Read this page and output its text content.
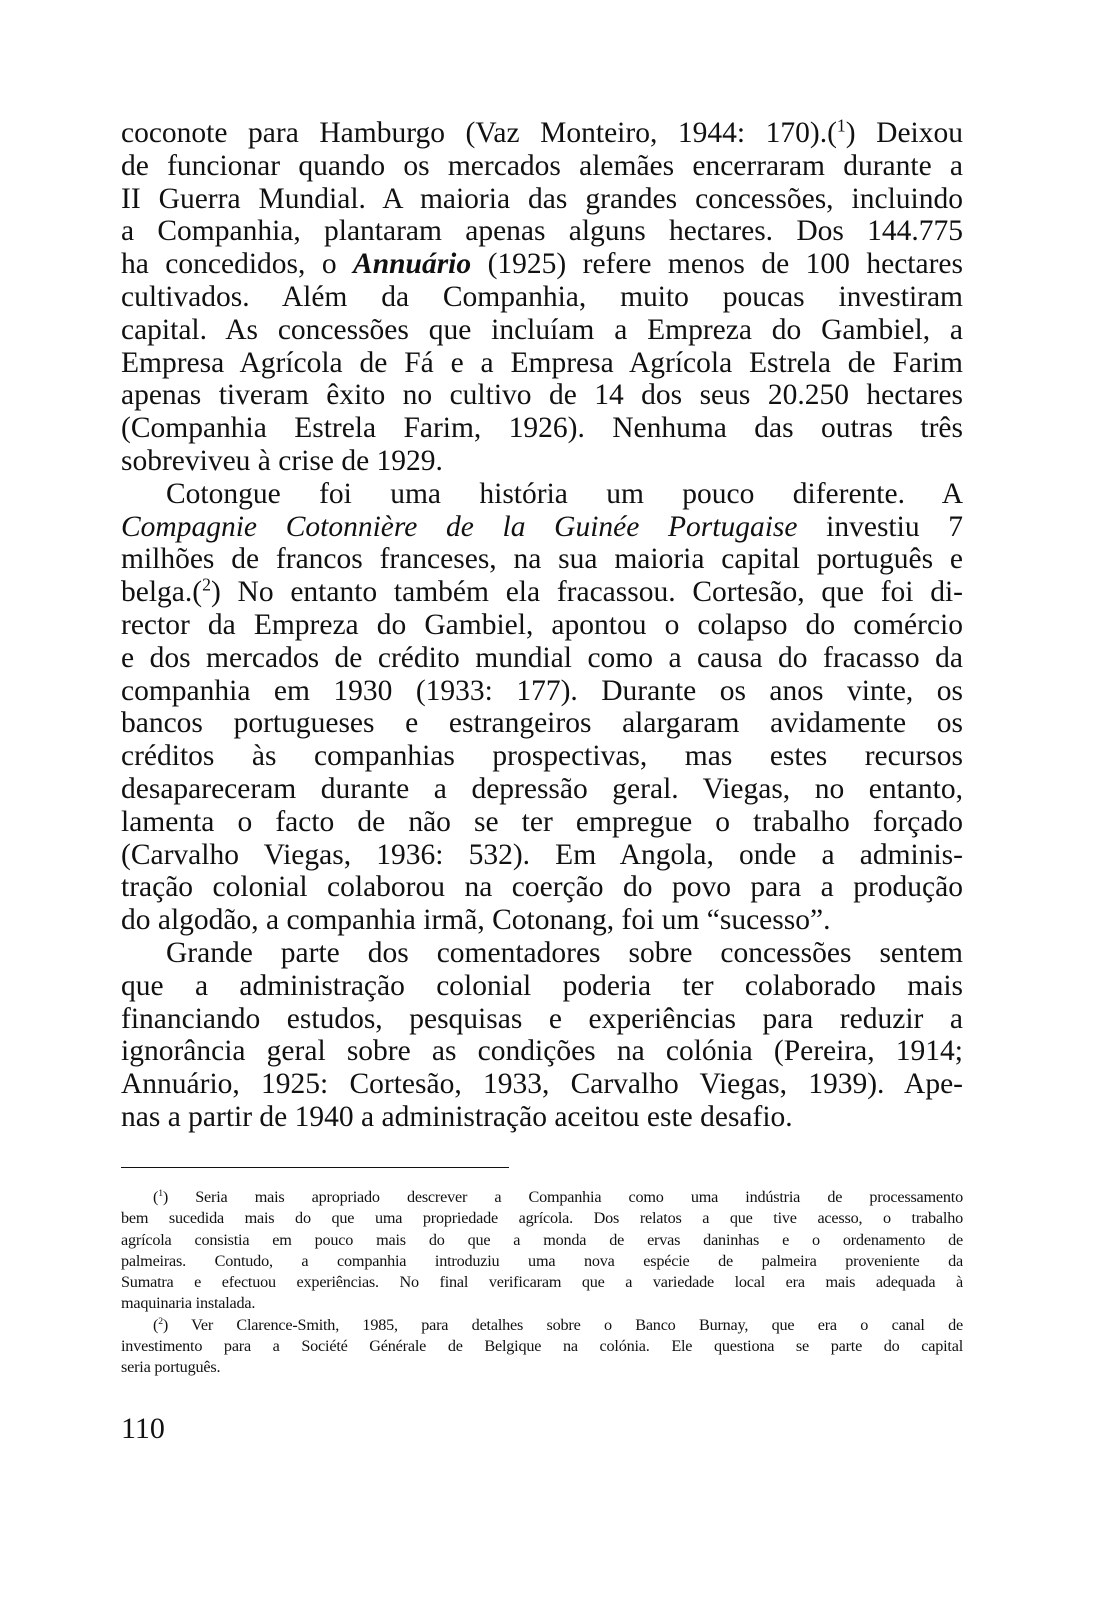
coconote para Hamburgo (Vaz Monteiro, 1944: 170).($^1$) Deixou
de funcionar quando os mercados alemães encerraram durante a
II Guerra Mundial. A maioria das grandes concessões, incluindo
a Companhia, plantaram apenas alguns hectares. Dos 144.775
ha concedidos, o Annuário (1925) refere menos de 100 hectares
cultivados. Além da Companhia, muito poucas investiram
capital. As concessões que incluíam a Empreza do Gambiel, a
Empresa Agrícola de Fá e a Empresa Agrícola Estrela de Farim
apenas tiveram êxito no cultivo de 14 dos seus 20.250 hectares
(Companhia Estrela Farim, 1926). Nenhuma das outras três
sobreviveu à crise de 1929.
Cotongue foi uma história um pouco diferente. A
Compagnie Cotonnière de la Guinée Portugaise investiu 7
milhões de francos franceses, na sua maioria capital português e
belga.($^2$) No entanto também ela fracassou. Cortesão, que foi di-
rector da Empreza do Gambiel, apontou o colapso do comércio
e dos mercados de crédito mundial como a causa do fracasso da
companhia em 1930 (1933: 177). Durante os anos vinte, os
bancos portugueses e estrangeiros alargaram avidamente os
créditos às companhias prospectivas, mas estes recursos
desapareceram durante a depressão geral. Viegas, no entanto,
lamenta o facto de não se ter empregue o trabalho forçado
(Carvalho Viegas, 1936: 532). Em Angola, onde a adminis-
tração colonial colaborou na coerção do povo para a produção
do algodão, a companhia irmã, Cotonang, foi um “sucesso”.
Grande parte dos comentadores sobre concessões sentem
que a administração colonial poderia ter colaborado mais
financiando estudos, pesquisas e experiências para reduzir a
ignorância geral sobre as condições na colónia (Pereira, 1914;
Annuário, 1925: Cortesão, 1933, Carvalho Viegas, 1939). Ape-
nas a partir de 1940 a administração aceitou este desafio.
($^1$) Seria mais apropriado descrever a Companhia como uma indústria de processamento
bem sucedida mais do que uma propriedade agrícola. Dos relatos a que tive acesso, o trabalho
agrícola consistia em pouco mais do que a monda de ervas daninhas e o ordenamento de
palmeiras. Contudo, a companhia introduziu uma nova espécie de palmeira proveniente da
Sumatra e efectuou experiências. No final verificaram que a variedade local era mais adequada à
maquinaria instalada.
($^2$) Ver Clarence-Smith, 1985, para detalhes sobre o Banco Burnay, que era o canal de
investimento para a Société Générale de Belgique na colónia. Ele questiona se parte do capital
seria português.
110
